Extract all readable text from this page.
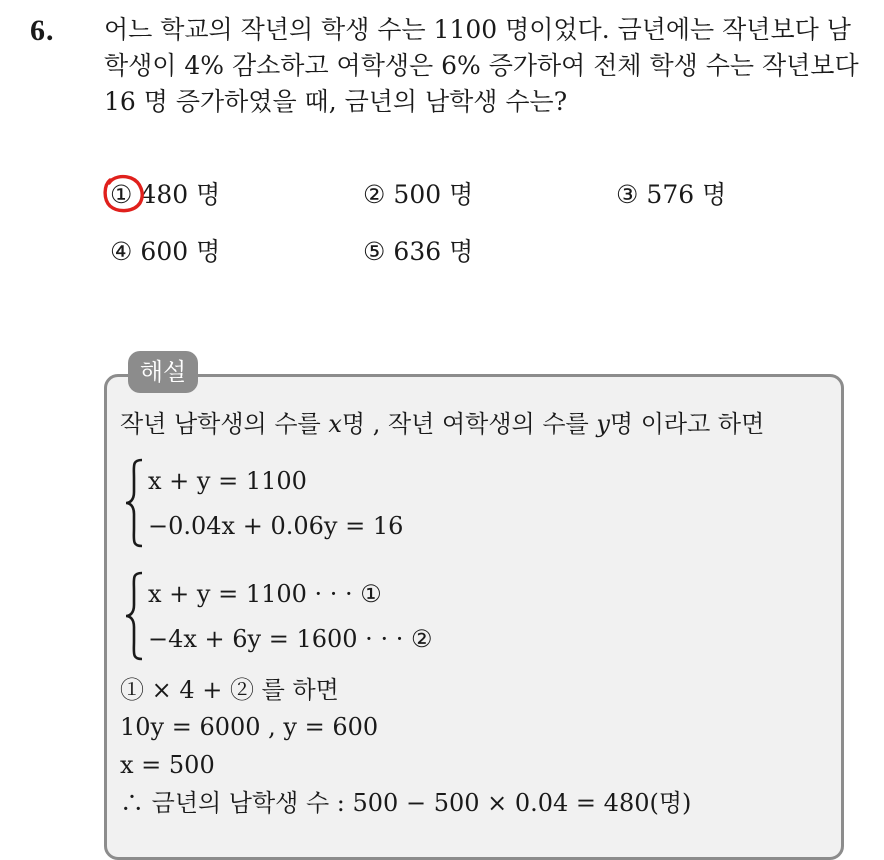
6. 어느 학교의 작년의 학생 수는 1100 명이었다. 금년에는 작년보다 남
학생이 4% 감소하고 여학생은 6% 증가하여 전체 학생 수는 작년보다
16 명 증가하였을 때, 금년의 남학생 수는?
① 480 명	② 500 명	③ 576 명
④ 600 명	⑤ 636 명
해설
작년 남학생의 수를 x명 , 작년 여학생의 수를 y명 이라고 하면
x + y = 1100
−0.04x + 0.06y = 16
x + y = 1100 · · · ①
−4x + 6y = 1600 · · · ②
① × 4 + ② 를 하면
10y = 6000 , y = 600
x = 500
∴ 금년의 남학생 수 : 500 − 500 × 0.04 = 480(명)
